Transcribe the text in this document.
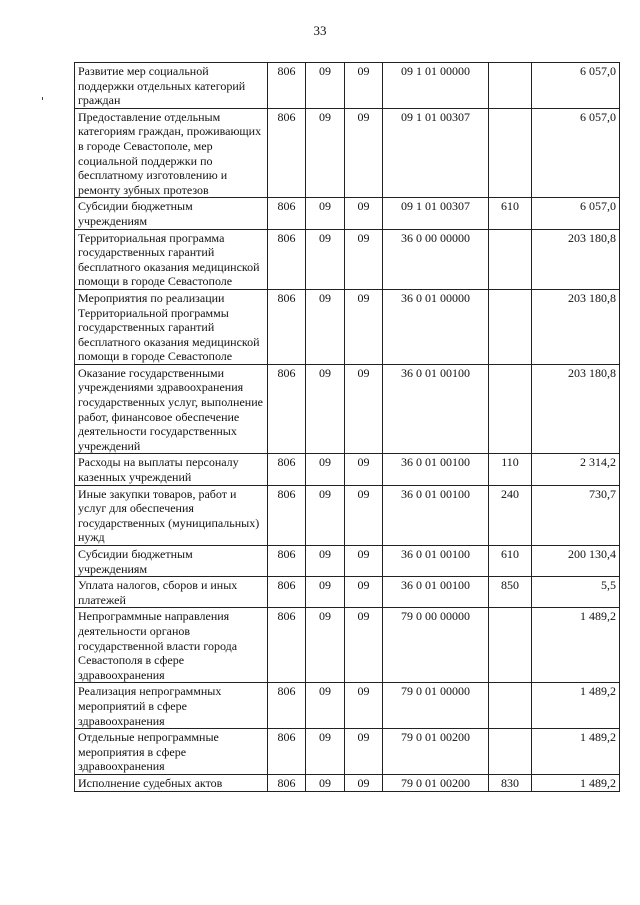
33
Развитие мер социальной поддержки отдельных категорий граждан	806	09	09	09 1 01 00000		6 057,0
Предоставление отдельным категориям граждан, проживающих в городе Севастополе, мер социальной поддержки по бесплатному изготовлению и ремонту зубных протезов	806	09	09	09 1 01 00307		6 057,0
Субсидии бюджетным учреждениям	806	09	09	09 1 01 00307	610	6 057,0
Территориальная программа государственных гарантий бесплатного оказания медицинской помощи в городе Севастополе	806	09	09	36 0 00 00000		203 180,8
Мероприятия по реализации Территориальной программы государственных гарантий бесплатного оказания медицинской помощи в городе Севастополе	806	09	09	36 0 01 00000		203 180,8
Оказание государственными учреждениями здравоохранения государственных услуг, выполнение работ, финансовое обеспечение деятельности государственных учреждений	806	09	09	36 0 01 00100		203 180,8
Расходы на выплаты персоналу казенных учреждений	806	09	09	36 0 01 00100	110	2 314,2
Иные закупки товаров, работ и услуг для обеспечения государственных (муниципальных) нужд	806	09	09	36 0 01 00100	240	730,7
Субсидии бюджетным учреждениям	806	09	09	36 0 01 00100	610	200 130,4
Уплата налогов, сборов и иных платежей	806	09	09	36 0 01 00100	850	5,5
Непрограммные направления деятельности органов государственной власти города Севастополя в сфере здравоохранения	806	09	09	79 0 00 00000		1 489,2
Реализация непрограммных мероприятий в сфере здравоохранения	806	09	09	79 0 01 00000		1 489,2
Отдельные непрограммные мероприятия в сфере здравоохранения	806	09	09	79 0 01 00200		1 489,2
Исполнение судебных актов	806	09	09	79 0 01 00200	830	1 489,2
